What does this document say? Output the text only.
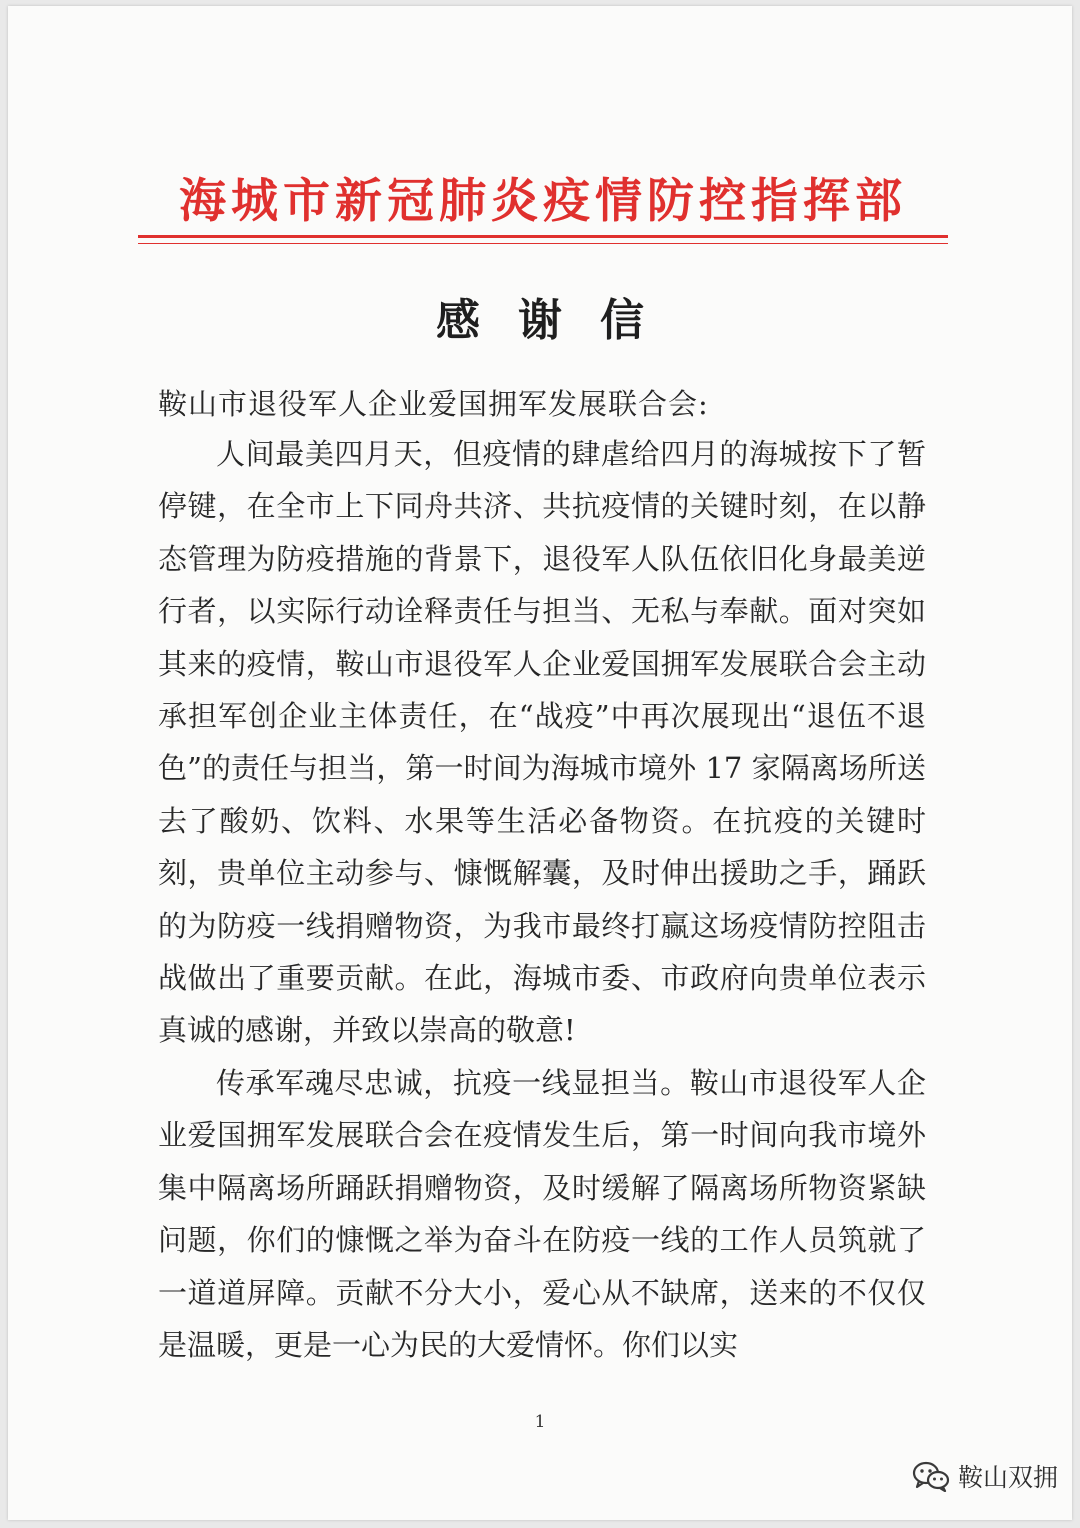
海城市新冠肺炎疫情防控指挥部
感谢信
鞍山市退役军人企业爱国拥军发展联合会:

人间最美四月天，但疫情的肆虐给四月的海城按下了暂停键，在全市上下同舟共济、共抗疫情的关键时刻，在以静态管理为防疫措施的背景下，退役军人队伍依旧化身最美逆行者，以实际行动诠释责任与担当、无私与奉献。面对突如其来的疫情，鞍山市退役军人企业爱国拥军发展联合会主动承担军创企业主体责任，在“战疫”中再次展现出“退伍不退色”的责任与担当，第一时间为海城市境外 17 家隔离场所送去了酸奶、饮料、水果等生活必备物资。在抗疫的关键时刻，贵单位主动参与、慷慨解囊，及时伸出援助之手，踊跃的为防疫一线捐赠物资，为我市最终打赢这场疫情防控阻击战做出了重要贡献。在此，海城市委、市政府向贵单位表示真诚的感谢，并致以崇高的敬意!

传承军魂尽忠诚，抗疫一线显担当。鞍山市退役军人企业爱国拥军发展联合会在疫情发生后，第一时间向我市境外集中隔离场所踊跃捐赠物资，及时缓解了隔离场所物资紧缺问题，你们的慷慨之举为奋斗在防疫一线的工作人员筑就了一道道屏障。贡献不分大小，爱心从不缺席，送来的不仅仅是温暖，更是一心为民的大爱情怀。你们以实

1
鞍山双拥
